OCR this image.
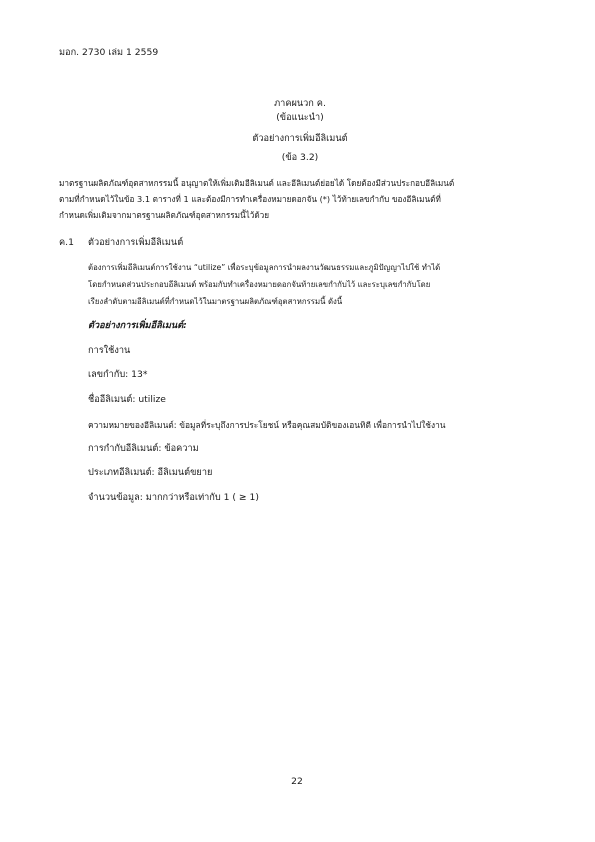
มอก. 2730 เล่ม 1 2559
ภาคผนวก ค.
(ข้อแนะนำ)
ตัวอย่างการเพิ่มอีลิเมนต์
(ข้อ 3.2)
มาตรฐานผลิตภัณฑ์อุตสาหกรรมนี้ อนุญาตให้เพิ่มเติมอีลิเมนต์ และอีลิเมนต์ย่อยได้ โดยต้องมีส่วนประกอบอีลิเมนต์
ตามที่กำหนดไว้ในข้อ 3.1 ตารางที่ 1 และต้องมีการทำเครื่องหมายดอกจัน (*) ไว้ท้ายเลขกำกับ ของอีลิเมนต์ที่
กำหนดเพิ่มเติมจากมาตรฐานผลิตภัณฑ์อุตสาหกรรมนี้ไว้ด้วย
ค.1 ตัวอย่างการเพิ่มอีลิเมนต์
ต้องการเพิ่มอีลิเมนต์การใช้งาน “utilize” เพื่อระบุข้อมูลการนำผลงานวัฒนธรรมและภูมิปัญญาไปใช้ ทำได้
โดยกำหนดส่วนประกอบอีลิเมนต์ พร้อมกับทำเครื่องหมายดอกจันท้ายเลขกำกับไว้ และระบุเลขกำกับโดย
เรียงลำดับตามอีลิเมนต์ที่กำหนดไว้ในมาตรฐานผลิตภัณฑ์อุตสาหกรรมนี้ ดังนี้
ตัวอย่างการเพิ่มอีลิเมนต์:
การใช้งาน
เลขกำกับ: 13*
ชื่ออีลิเมนต์: utilize
ความหมายของอีลิเมนต์: ข้อมูลที่ระบุถึงการประโยชน์ หรือคุณสมบัติของเอนทิตี เพื่อการนำไปใช้งาน
การกำกับอีลิเมนต์: ข้อความ
ประเภทอีลิเมนต์: อีลิเมนต์ขยาย
จำนวนข้อมูล: มากกว่าหรือเท่ากับ 1 ( ≥ 1)
22
